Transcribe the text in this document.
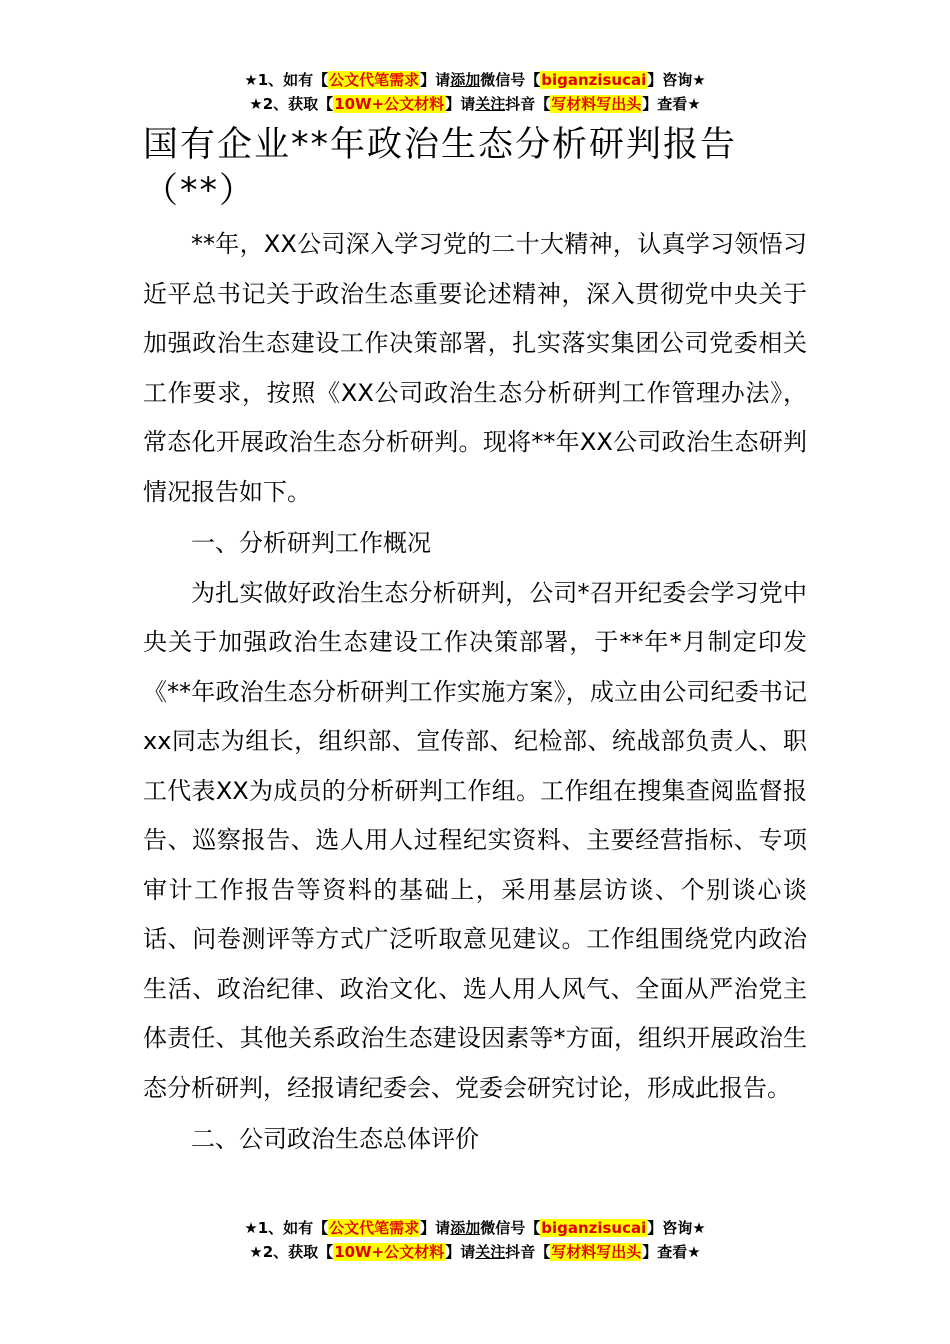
★1、如有【公文代笔需求】请添加微信号【biganzisucai】咨询★
★2、获取【10W+公文材料】请关注抖音【写材料写出头】查看★
国有企业**年政治生态分析研判报告（**）

**年，XX公司深入学习党的二十大精神，认真学习领悟习近平总书记关于政治生态重要论述精神，深入贯彻党中央关于加强政治生态建设工作决策部署，扎实落实集团公司党委相关工作要求，按照《XX公司政治生态分析研判工作管理办法》，常态化开展政治生态分析研判。现将**年XX公司政治生态研判情况报告如下。

一、分析研判工作概况

为扎实做好政治生态分析研判，公司*召开纪委会学习党中央关于加强政治生态建设工作决策部署，于**年*月制定印发《**年政治生态分析研判工作实施方案》，成立由公司纪委书记xx同志为组长，组织部、宣传部、纪检部、统战部负责人、职工代表XX为成员的分析研判工作组。工作组在搜集查阅监督报告、巡察报告、选人用人过程纪实资料、主要经营指标、专项审计工作报告等资料的基础上，采用基层访谈、个别谈心谈话、问卷测评等方式广泛听取意见建议。工作组围绕党内政治生活、政治纪律、政治文化、选人用人风气、全面从严治党主体责任、其他关系政治生态建设因素等*方面，组织开展政治生态分析研判，经报请纪委会、党委会研究讨论，形成此报告。

二、公司政治生态总体评价

★1、如有【公文代笔需求】请添加微信号【biganzisucai】咨询★
★2、获取【10W+公文材料】请关注抖音【写材料写出头】查看★
